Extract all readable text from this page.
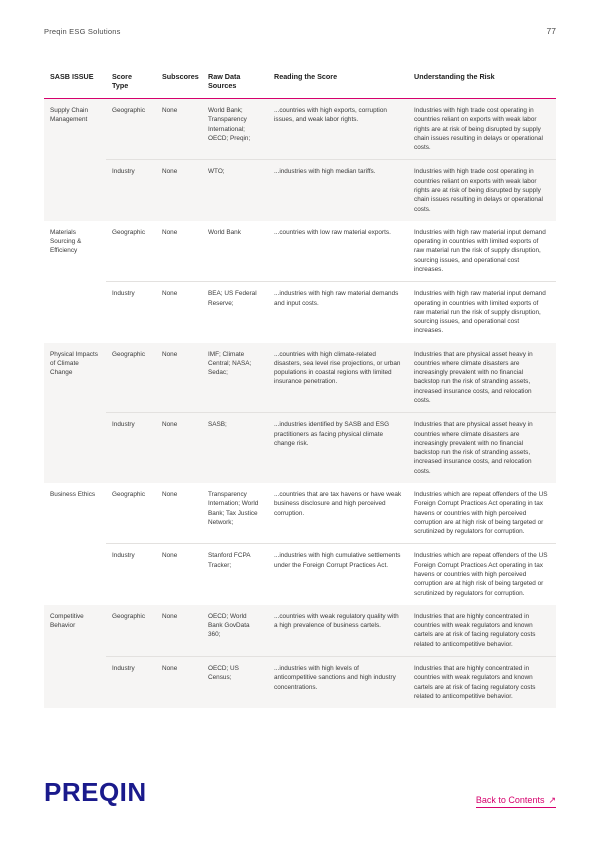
Preqin ESG Solutions	77
SASB ISSUE	Score Type	Subscores	Raw Data Sources	Reading the Score	Understanding the Risk
Supply Chain Management	Geographic	None	World Bank; Transparency International; OECD; Preqin;	...countries with high exports, corruption issues, and weak labor rights.	Industries with high trade cost operating in countries reliant on exports with weak labor rights are at risk of being disrupted by supply chain issues resulting in delays or operational costs.
	Industry	None	WTO;	...industries with high median tariffs.	Industries with high trade cost operating in countries reliant on exports with weak labor rights are at risk of being disrupted by supply chain issues resulting in delays or operational costs.
Materials Sourcing & Efficiency	Geographic	None	World Bank	...countries with low raw material exports.	Industries with high raw material input demand operating in countries with limited exports of raw material run the risk of supply disruption, sourcing issues, and operational cost increases.
	Industry	None	BEA; US Federal Reserve;	...industries with high raw material demands and input costs.	Industries with high raw material input demand operating in countries with limited exports of raw material run the risk of supply disruption, sourcing issues, and operational cost increases.
Physical Impacts of Climate Change	Geographic	None	IMF; Climate Central; NASA; Sedac;	...countries with high climate-related disasters, sea level rise projections, or urban populations in coastal regions with limited insurance penetration.	Industries that are physical asset heavy in countries where climate disasters are increasingly prevalent with no financial backstop run the risk of stranding assets, increased insurance costs, and relocation costs.
	Industry	None	SASB;	...industries identified by SASB and ESG practitioners as facing physical climate change risk.	Industries that are physical asset heavy in countries where climate disasters are increasingly prevalent with no financial backstop run the risk of stranding assets, increased insurance costs, and relocation costs.
Business Ethics	Geographic	None	Transparency Internation; World Bank; Tax Justice Network;	...countries that are tax havens or have weak business disclosure and high perceived corruption.	Industries which are repeat offenders of the US Foreign Corrupt Practices Act operating in tax havens or countries with high perceived corruption are at high risk of being targeted or scrutinized by regulators for corruption.
	Industry	None	Stanford FCPA Tracker;	...industries with high cumulative settlements under the Foreign Corrupt Practices Act.	Industries which are repeat offenders of the US Foreign Corrupt Practices Act operating in tax havens or countries with high perceived corruption are at high risk of being targeted or scrutinized by regulators for corruption.
Competitive Behavior	Geographic	None	OECD; World Bank GovData 360;	...countries with weak regulatory quality with a high prevalence of business cartels.	Industries that are highly concentrated in countries with weak regulators and known cartels are at risk of facing regulatory costs related to anticompetitive behavior.
	Industry	None	OECD; US Census;	...industries with high levels of anticompetitive sanctions and high industry concentrations.	Industries that are highly concentrated in countries with weak regulators and known cartels are at risk of facing regulatory costs related to anticompetitive behavior.
PREQIN	Back to Contents ↗
